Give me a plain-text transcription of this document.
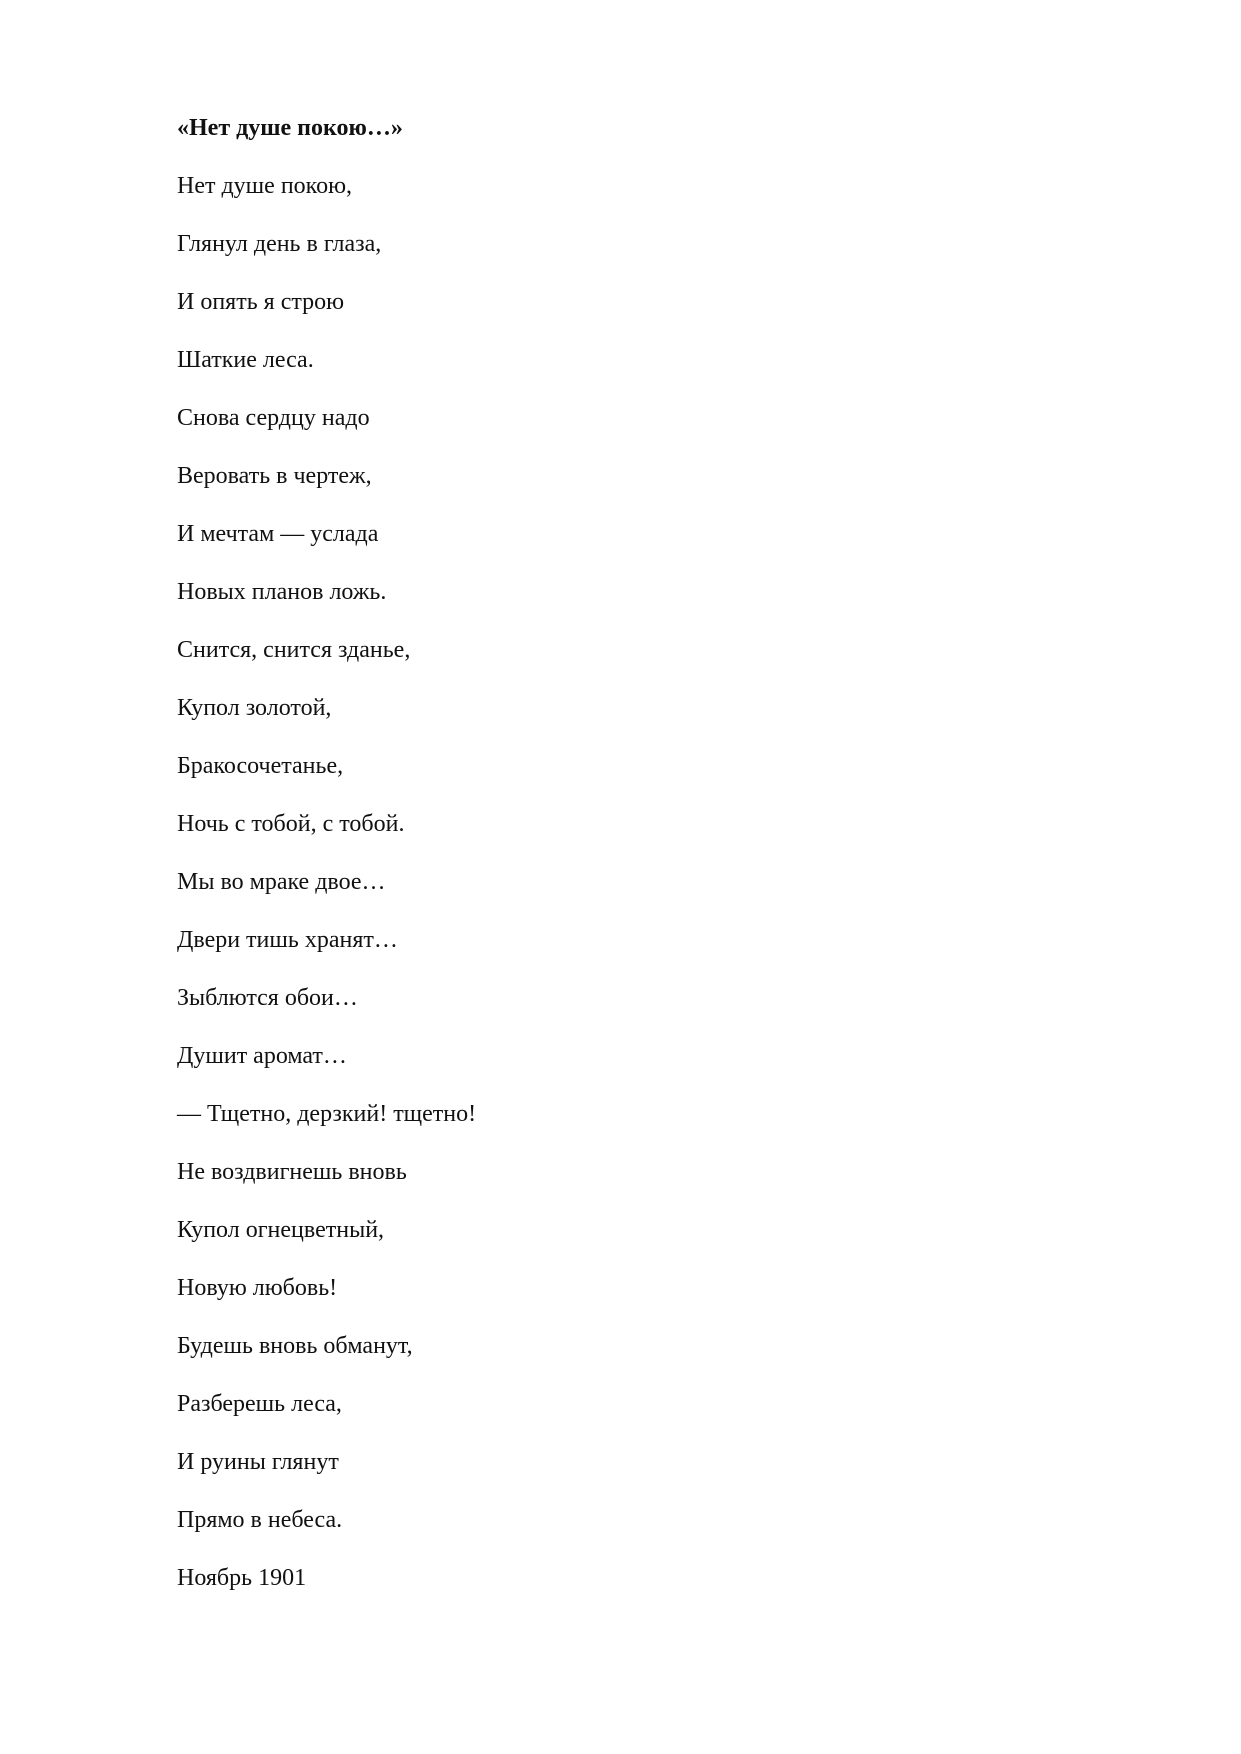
«Нет душе покою…»
Нет душе покою,
Глянул день в глаза,
И опять я строю
Шаткие леса.
Снова сердцу надо
Веровать в чертеж,
И мечтам — услада
Новых планов ложь.
Снится, снится зданье,
Купол золотой,
Бракосочетанье,
Ночь с тобой, с тобой.
Мы во мраке двое…
Двери тишь хранят…
Зыблются обои…
Душит аромат…
— Тщетно, дерзкий! тщетно!
Не воздвигнешь вновь
Купол огнецветный,
Новую любовь!
Будешь вновь обманут,
Разберешь леса,
И руины глянут
Прямо в небеса.

Ноябрь 1901
